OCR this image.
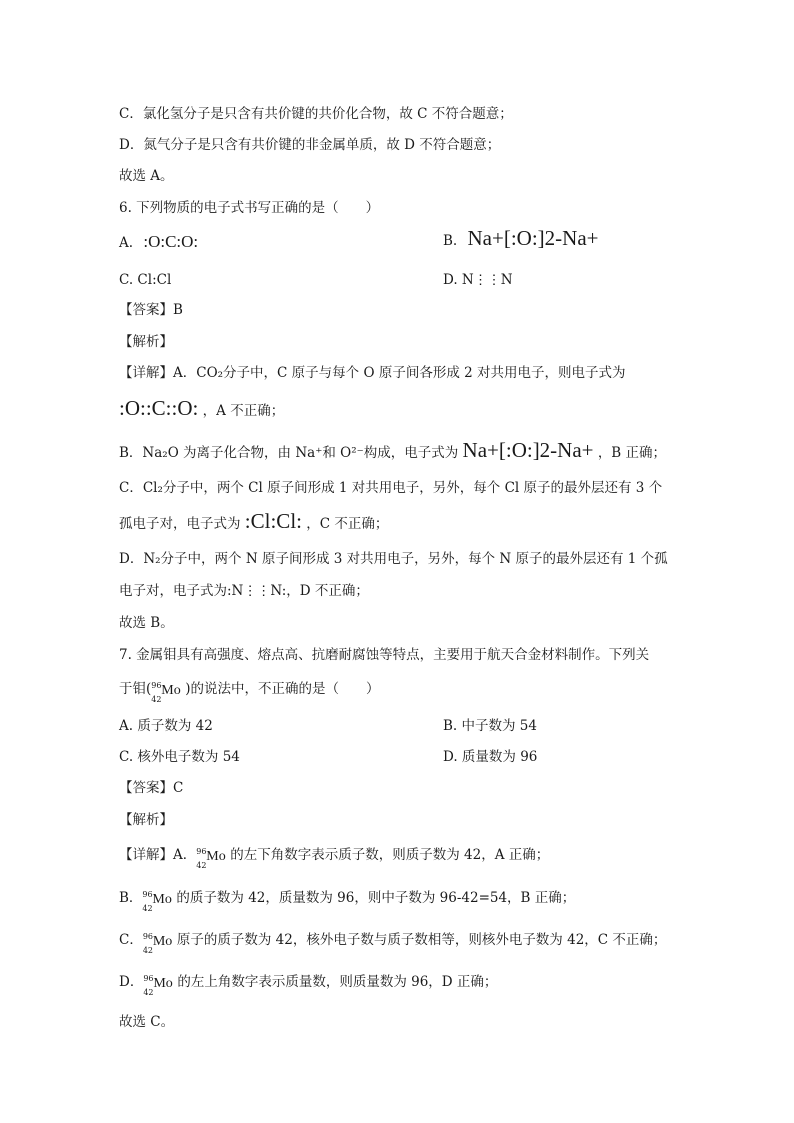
C．氯化氢分子是只含有共价键的共价化合物，故 C 不符合题意；
D．氮气分子是只含有共价键的非金属单质，故 D 不符合题意；
故选 A。
6. 下列物质的电子式书写正确的是（　　）
A. :O:C:O:	B. Na+[:O:]2-Na+
C. Cl:Cl	D. N⋮⋮N
【答案】B
【解析】
【详解】A．CO₂分子中，C 原子与每个 O 原子间各形成 2 对共用电子，则电子式为
:O::C::O: ，A 不正确；
B．Na₂O 为离子化合物，由 Na⁺和 O²⁻构成，电子式为 Na+[:O:]2-Na+ ，B 正确；
C．Cl₂分子中，两个 Cl 原子间形成 1 对共用电子，另外，每个 Cl 原子的最外层还有 3 个
孤电子对，电子式为 :Cl:Cl: ，C 不正确；
D．N₂分子中，两个 N 原子间形成 3 对共用电子，另外，每个 N 原子的最外层还有 1 个孤
电子对，电子式为:N⋮⋮N:，D 不正确；
故选 B。
7. 金属钼具有高强度、熔点高、抗磨耐腐蚀等特点，主要用于航天合金材料制作。下列关
于钼( 96
42
Mo )的说法中，不正确的是（　　）
A. 质子数为 42	B. 中子数为 54
C. 核外电子数为 54	D. 质量数为 96
【答案】C
【解析】
【详解】A． 96
42
Mo 的左下角数字表示质子数，则质子数为 42，A 正确；
B． 96
42
Mo 的质子数为 42，质量数为 96，则中子数为 96-42=54，B 正确；
C． 96
42
Mo 原子的质子数为 42，核外电子数与质子数相等，则核外电子数为 42，C 不正确；
D． 96
42
Mo 的左上角数字表示质量数，则质量数为 96，D 正确；
故选 C。
